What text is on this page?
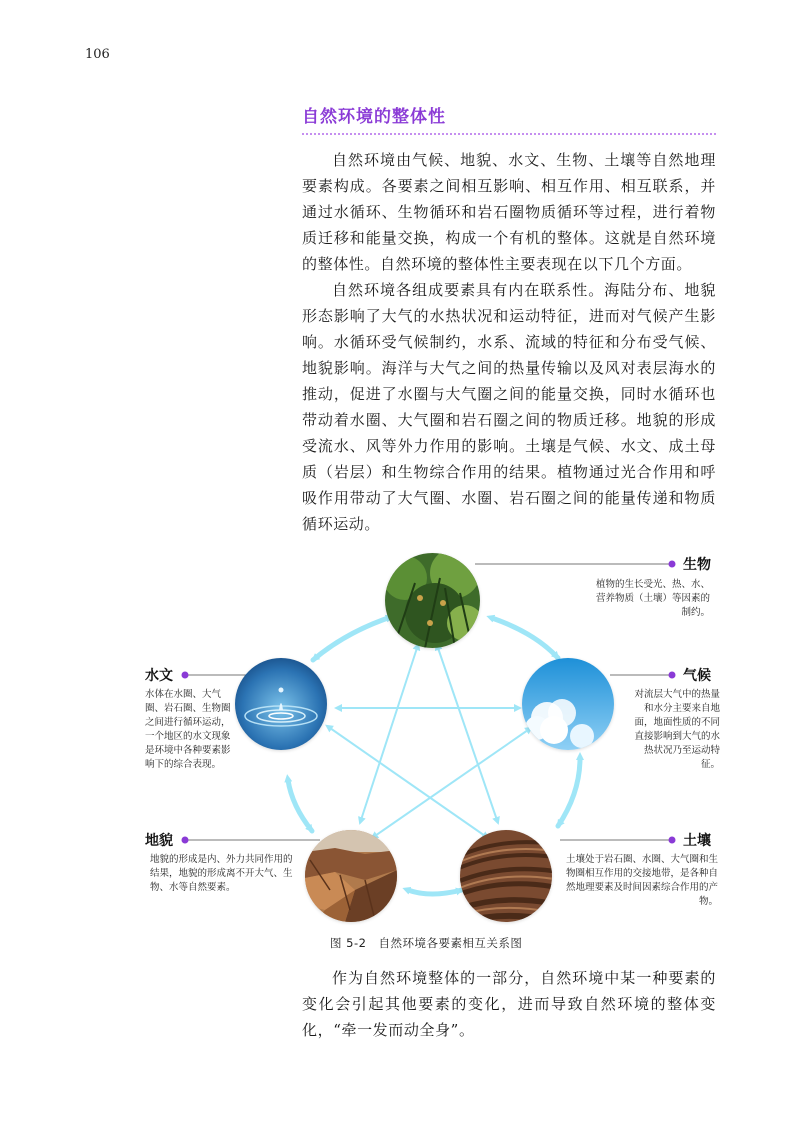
106
自然环境的整体性

自然环境由气候、地貌、水文、生物、土壤等自然地理要素构成。各要素之间相互影响、相互作用、相互联系，并通过水循环、生物循环和岩石圈物质循环等过程，进行着物质迁移和能量交换，构成一个有机的整体。这就是自然环境的整体性。自然环境的整体性主要表现在以下几个方面。

自然环境各组成要素具有内在联系性。海陆分布、地貌形态影响了大气的水热状况和运动特征，进而对气候产生影响。水循环受气候制约，水系、流域的特征和分布受气候、地貌影响。海洋与大气之间的热量传输以及风对表层海水的推动，促进了水圈与大气圈之间的能量交换，同时水循环也带动着水圈、大气圈和岩石圈之间的物质迁移。地貌的形成受流水、风等外力作用的影响。土壤是气候、水文、成土母质（岩层）和生物综合作用的结果。植物通过光合作用和呼吸作用带动了大气圈、水圈、岩石圈之间的能量传递和物质循环运动。

生物
植物的生长受光、热、水、营养物质（土壤）等因素的制约。
水文
水体在水圈、大气圈、岩石圈、生物圈之间进行循环运动，一个地区的水文现象是环境中各种要素影响下的综合表现。
气候
对流层大气中的热量和水分主要来自地面，地面性质的不同直接影响到大气的水热状况乃至运动特征。
地貌
地貌的形成是内、外力共同作用的结果，地貌的形成离不开大气、生物、水等自然要素。
土壤
土壤处于岩石圈、水圈、大气圈和生物圈相互作用的交接地带，是各种自然地理要素及时间因素综合作用的产物。
图 5-2　自然环境各要素相互关系图

作为自然环境整体的一部分，自然环境中某一种要素的变化会引起其他要素的变化，进而导致自然环境的整体变化，“牵一发而动全身”。
